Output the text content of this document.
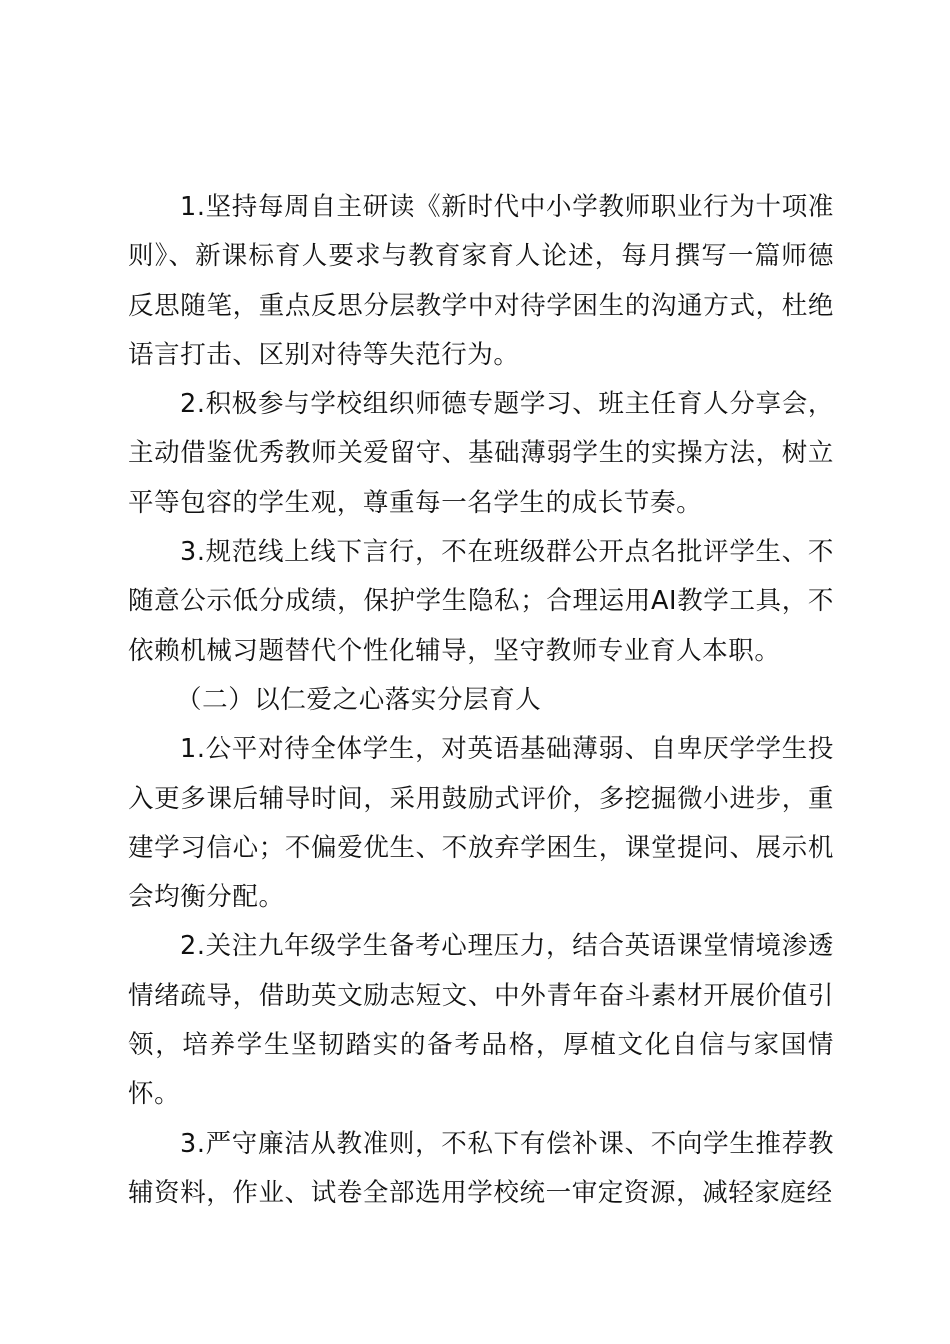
1.坚持每周自主研读《新时代中小学教师职业行为十项准则》、新课标育人要求与教育家育人论述，每月撰写一篇师德反思随笔，重点反思分层教学中对待学困生的沟通方式，杜绝语言打击、区别对待等失范行为。

2.积极参与学校组织师德专题学习、班主任育人分享会，主动借鉴优秀教师关爱留守、基础薄弱学生的实操方法，树立平等包容的学生观，尊重每一名学生的成长节奏。

3.规范线上线下言行，不在班级群公开点名批评学生、不随意公示低分成绩，保护学生隐私；合理运用AI教学工具，不依赖机械习题替代个性化辅导，坚守教师专业育人本职。

（二）以仁爱之心落实分层育人

1.公平对待全体学生，对英语基础薄弱、自卑厌学学生投入更多课后辅导时间，采用鼓励式评价，多挖掘微小进步，重建学习信心；不偏爱优生、不放弃学困生，课堂提问、展示机会均衡分配。

2.关注九年级学生备考心理压力，结合英语课堂情境渗透情绪疏导，借助英文励志短文、中外青年奋斗素材开展价值引领，培养学生坚韧踏实的备考品格，厚植文化自信与家国情怀。

3.严守廉洁从教准则，不私下有偿补课、不向学生推荐教辅资料，作业、试卷全部选用学校统一审定资源，减轻家庭经
